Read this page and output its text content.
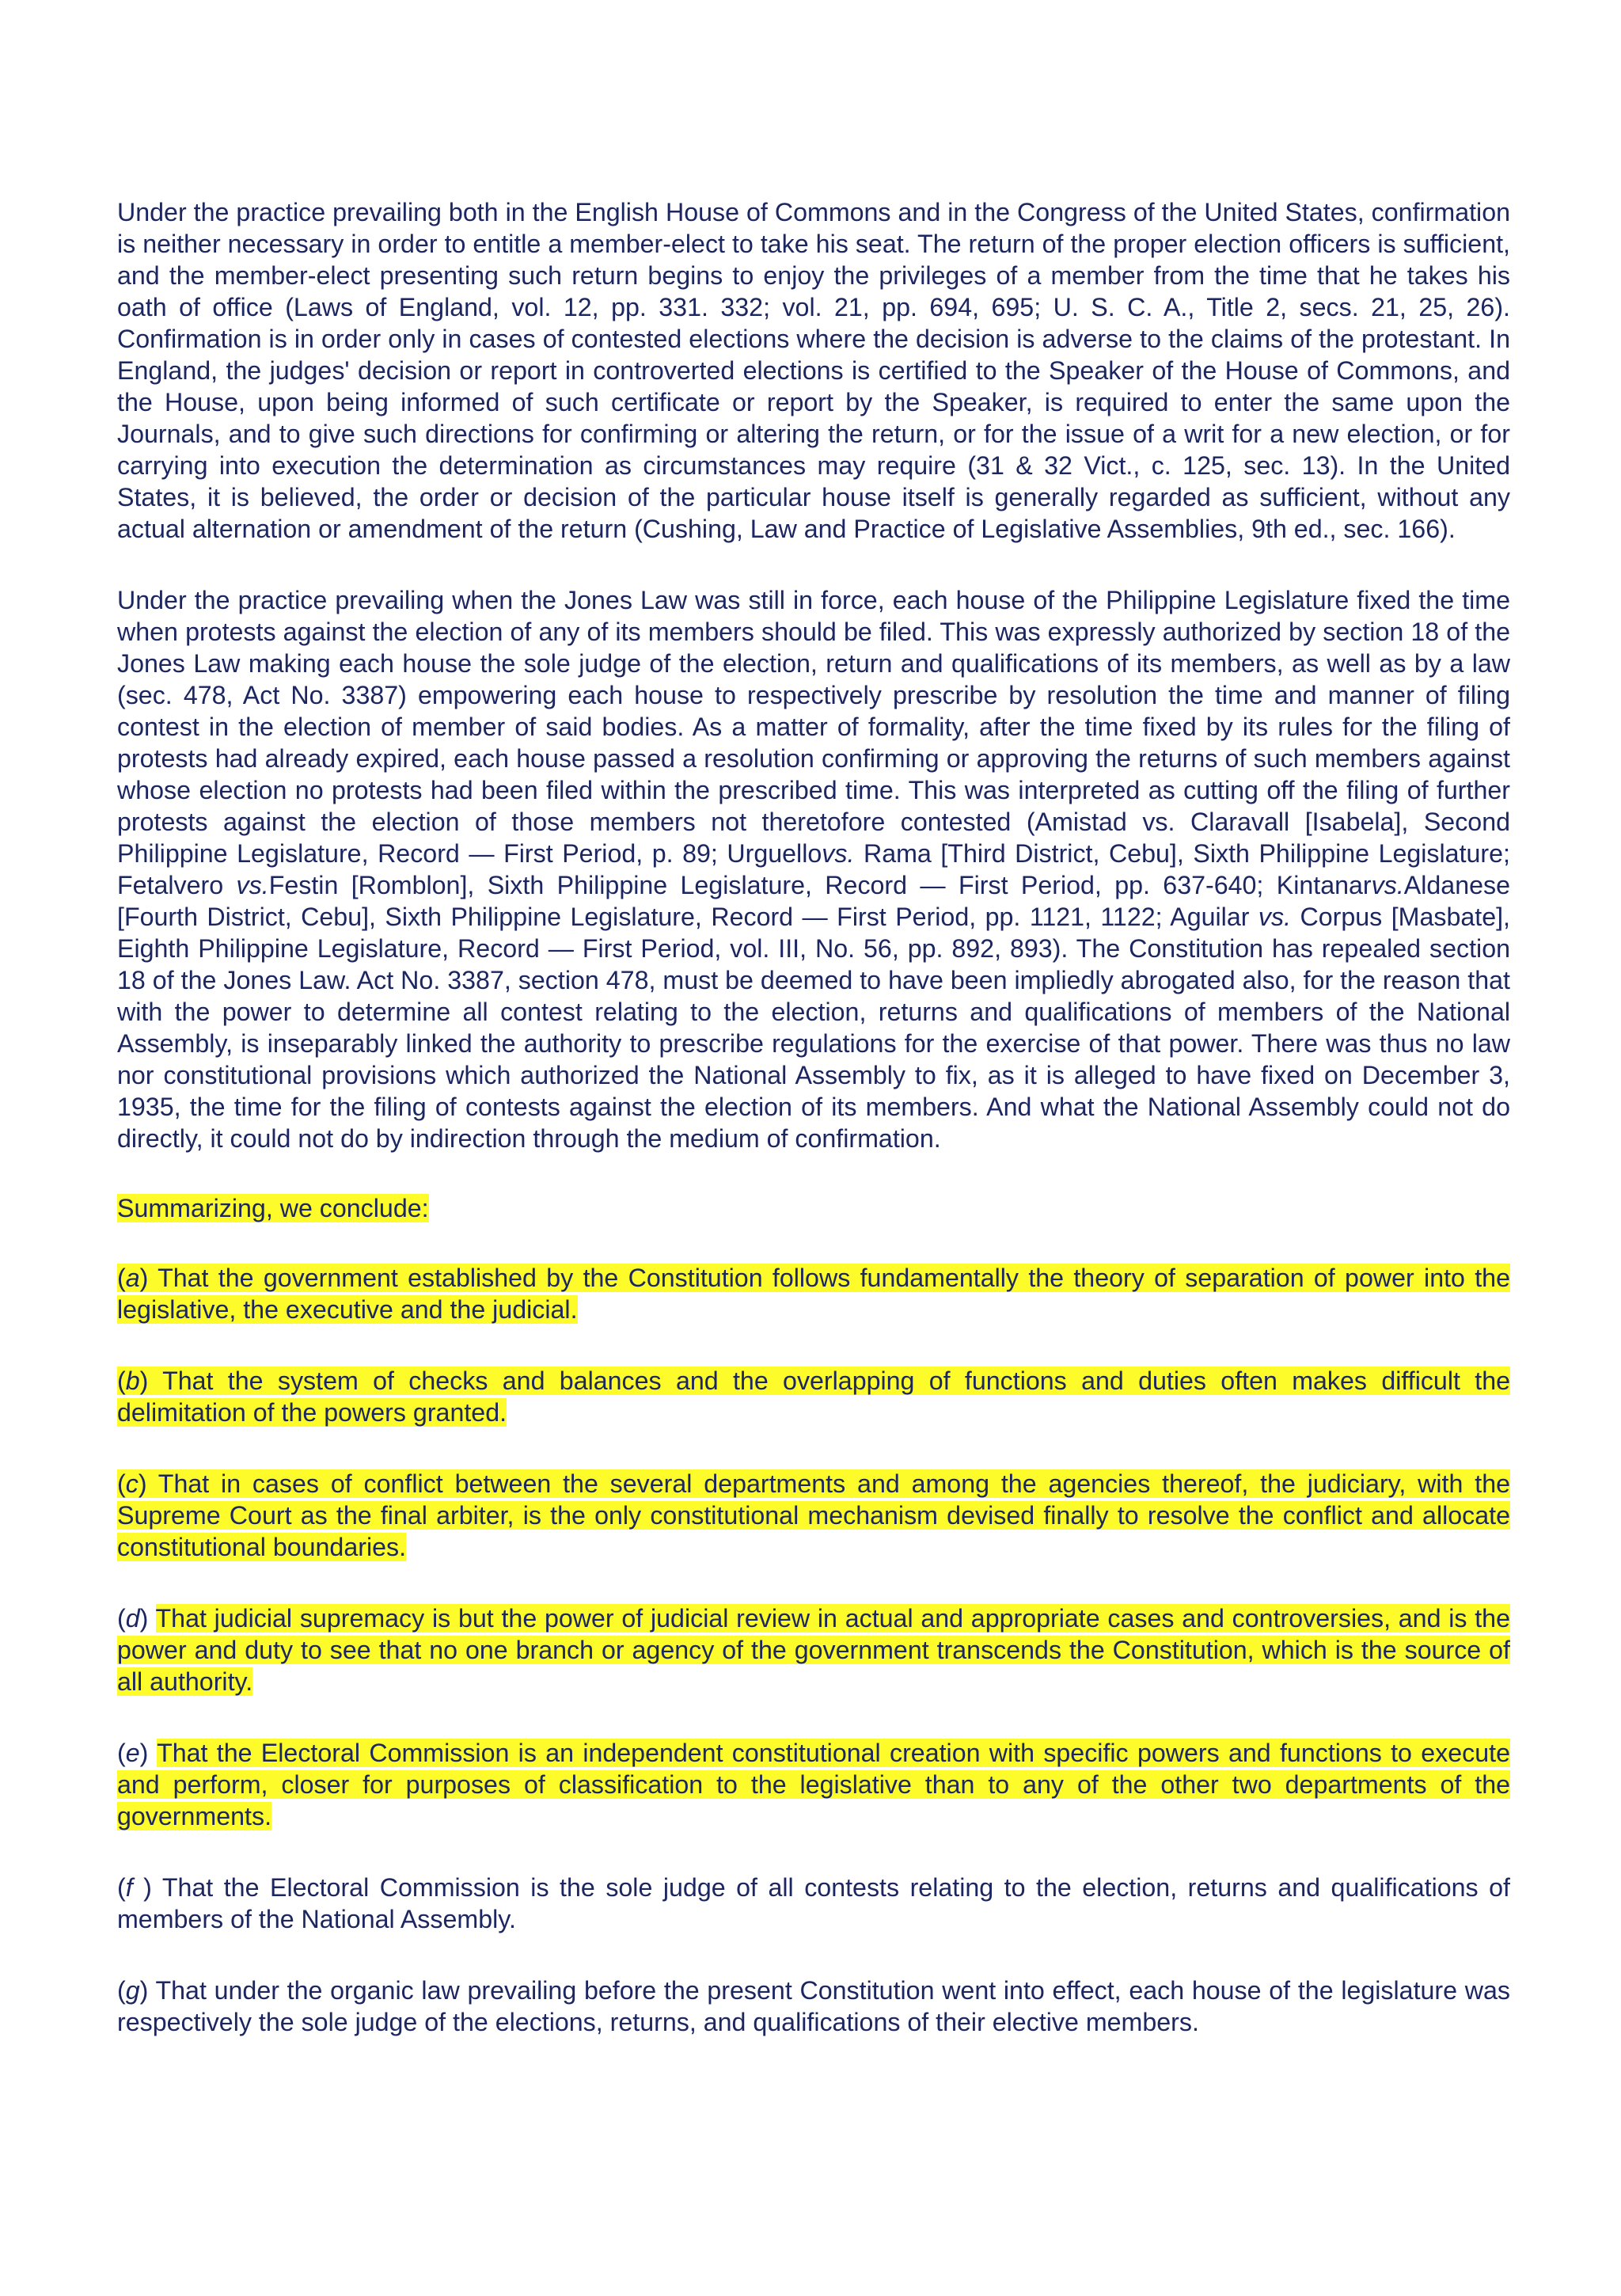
Under the practice prevailing both in the English House of Commons and in the Congress of the United States, confirmation is neither necessary in order to entitle a member-elect to take his seat. The return of the proper election officers is sufficient, and the member-elect presenting such return begins to enjoy the privileges of a member from the time that he takes his oath of office (Laws of England, vol. 12, pp. 331. 332; vol. 21, pp. 694, 695; U. S. C. A., Title 2, secs. 21, 25, 26). Confirmation is in order only in cases of contested elections where the decision is adverse to the claims of the protestant. In England, the judges' decision or report in controverted elections is certified to the Speaker of the House of Commons, and the House, upon being informed of such certificate or report by the Speaker, is required to enter the same upon the Journals, and to give such directions for confirming or altering the return, or for the issue of a writ for a new election, or for carrying into execution the determination as circumstances may require (31 & 32 Vict., c. 125, sec. 13). In the United States, it is believed, the order or decision of the particular house itself is generally regarded as sufficient, without any actual alternation or amendment of the return (Cushing, Law and Practice of Legislative Assemblies, 9th ed., sec. 166).

Under the practice prevailing when the Jones Law was still in force, each house of the Philippine Legislature fixed the time when protests against the election of any of its members should be filed. This was expressly authorized by section 18 of the Jones Law making each house the sole judge of the election, return and qualifications of its members, as well as by a law (sec. 478, Act No. 3387) empowering each house to respectively prescribe by resolution the time and manner of filing contest in the election of member of said bodies. As a matter of formality, after the time fixed by its rules for the filing of protests had already expired, each house passed a resolution confirming or approving the returns of such members against whose election no protests had been filed within the prescribed time. This was interpreted as cutting off the filing of further protests against the election of those members not theretofore contested (Amistad vs. Claravall [Isabela], Second Philippine Legislature, Record — First Period, p. 89; Urguellovs. Rama [Third District, Cebu], Sixth Philippine Legislature; Fetalvero vs.Festin [Romblon], Sixth Philippine Legislature, Record — First Period, pp. 637-640; Kintanarvs.Aldanese [Fourth District, Cebu], Sixth Philippine Legislature, Record — First Period, pp. 1121, 1122; Aguilar vs. Corpus [Masbate], Eighth Philippine Legislature, Record — First Period, vol. III, No. 56, pp. 892, 893). The Constitution has repealed section 18 of the Jones Law. Act No. 3387, section 478, must be deemed to have been impliedly abrogated also, for the reason that with the power to determine all contest relating to the election, returns and qualifications of members of the National Assembly, is inseparably linked the authority to prescribe regulations for the exercise of that power. There was thus no law nor constitutional provisions which authorized the National Assembly to fix, as it is alleged to have fixed on December 3, 1935, the time for the filing of contests against the election of its members. And what the National Assembly could not do directly, it could not do by indirection through the medium of confirmation.

Summarizing, we conclude:

(a) That the government established by the Constitution follows fundamentally the theory of separation of power into the legislative, the executive and the judicial.

(b) That the system of checks and balances and the overlapping of functions and duties often makes difficult the delimitation of the powers granted.

(c) That in cases of conflict between the several departments and among the agencies thereof, the judiciary, with the Supreme Court as the final arbiter, is the only constitutional mechanism devised finally to resolve the conflict and allocate constitutional boundaries.

(d) That judicial supremacy is but the power of judicial review in actual and appropriate cases and controversies, and is the power and duty to see that no one branch or agency of the government transcends the Constitution, which is the source of all authority.

(e) That the Electoral Commission is an independent constitutional creation with specific powers and functions to execute and perform, closer for purposes of classification to the legislative than to any of the other two departments of the governments.

(f ) That the Electoral Commission is the sole judge of all contests relating to the election, returns and qualifications of members of the National Assembly.

(g) That under the organic law prevailing before the present Constitution went into effect, each house of the legislature was respectively the sole judge of the elections, returns, and qualifications of their elective members.
